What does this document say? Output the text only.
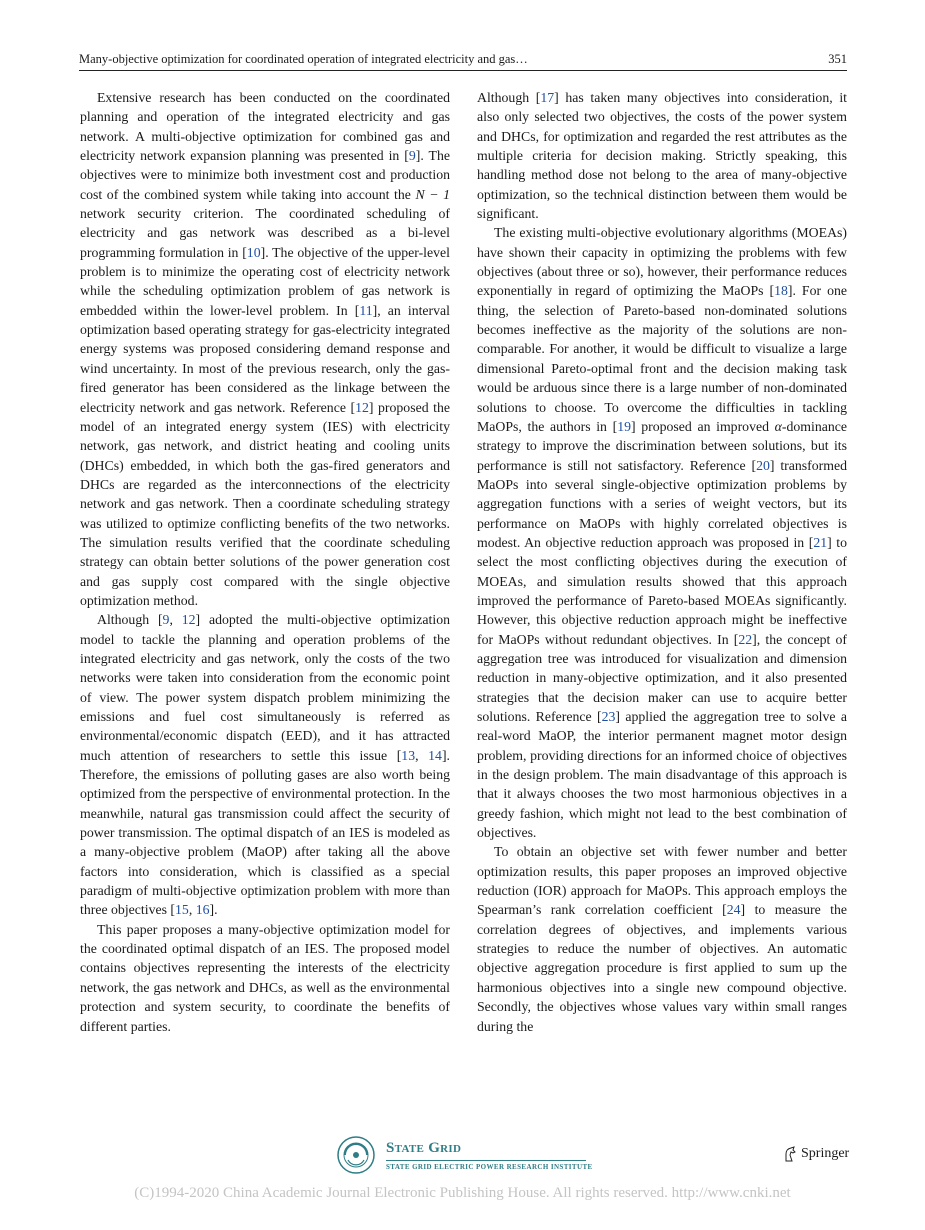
Many-objective optimization for coordinated operation of integrated electricity and gas…	351

Extensive research has been conducted on the coordinated planning and operation of the integrated electricity and gas network. A multi-objective optimization for combined gas and electricity network expansion planning was presented in [9]. The objectives were to minimize both investment cost and production cost of the combined system while taking into account the N − 1 network security criterion. The coordinated scheduling of electricity and gas network was described as a bi-level programming formulation in [10]. The objective of the upper-level problem is to minimize the operating cost of electricity network while the scheduling optimization problem of gas network is embedded within the lower-level problem. In [11], an interval optimization based operating strategy for gas-electricity integrated energy systems was proposed considering demand response and wind uncertainty. In most of the previous research, only the gas-fired generator has been considered as the linkage between the electricity network and gas network. Reference [12] proposed the model of an integrated energy system (IES) with electricity network, gas network, and district heating and cooling units (DHCs) embedded, in which both the gas-fired generators and DHCs are regarded as the interconnections of the electricity network and gas network. Then a coordinate scheduling strategy was utilized to optimize conflicting benefits of the two networks. The simulation results verified that the coordinate scheduling strategy can obtain better solutions of the power generation cost and gas supply cost compared with the single objective optimization method.

Although [9, 12] adopted the multi-objective optimization model to tackle the planning and operation problems of the integrated electricity and gas network, only the costs of the two networks were taken into consideration from the economic point of view. The power system dispatch problem minimizing the emissions and fuel cost simultaneously is referred as environmental/economic dispatch (EED), and it has attracted much attention of researchers to settle this issue [13, 14]. Therefore, the emissions of polluting gases are also worth being optimized from the perspective of environmental protection. In the meanwhile, natural gas transmission could affect the security of power transmission. The optimal dispatch of an IES is modeled as a many-objective problem (MaOP) after taking all the above factors into consideration, which is classified as a special paradigm of multi-objective optimization problem with more than three objectives [15, 16].

This paper proposes a many-objective optimization model for the coordinated optimal dispatch of an IES. The proposed model contains objectives representing the interests of the electricity network, the gas network and DHCs, as well as the environmental protection and system security, to coordinate the benefits of different parties.

Although [17] has taken many objectives into consideration, it also only selected two objectives, the costs of the power system and DHCs, for optimization and regarded the rest attributes as the multiple criteria for decision making. Strictly speaking, this handling method dose not belong to the area of many-objective optimization, so the technical distinction between them would be significant.

The existing multi-objective evolutionary algorithms (MOEAs) have shown their capacity in optimizing the problems with few objectives (about three or so), however, their performance reduces exponentially in regard of optimizing the MaOPs [18]. For one thing, the selection of Pareto-based non-dominated solutions becomes ineffective as the majority of the solutions are non-comparable. For another, it would be difficult to visualize a large dimensional Pareto-optimal front and the decision making task would be arduous since there is a large number of non-dominated solutions to choose. To overcome the difficulties in tackling MaOPs, the authors in [19] proposed an improved α-dominance strategy to improve the discrimination between solutions, but its performance is still not satisfactory. Reference [20] transformed MaOPs into several single-objective optimization problems by aggregation functions with a series of weight vectors, but its performance on MaOPs with highly correlated objectives is modest. An objective reduction approach was proposed in [21] to select the most conflicting objectives during the execution of MOEAs, and simulation results showed that this approach improved the performance of Pareto-based MOEAs significantly. However, this objective reduction approach might be ineffective for MaOPs without redundant objectives. In [22], the concept of aggregation tree was introduced for visualization and dimension reduction in many-objective optimization, and it also presented strategies that the decision maker can use to acquire better solutions. Reference [23] applied the aggregation tree to solve a real-word MaOP, the interior permanent magnet motor design problem, providing directions for an informed choice of objectives in the design problem. The main disadvantage of this approach is that it always chooses the two most harmonious objectives in a greedy fashion, which might not lead to the best combination of objectives.

To obtain an objective set with fewer number and better optimization results, this paper proposes an improved objective reduction (IOR) approach for MaOPs. This approach employs the Spearman’s rank correlation coefficient [24] to measure the correlation degrees of objectives, and implements various strategies to reduce the number of objectives. An automatic objective aggregation procedure is first applied to sum up the harmonious objectives into a single new compound objective. Secondly, the objectives whose values vary within small ranges during the

State Grid
STATE GRID ELECTRIC POWER RESEARCH INSTITUTE
Springer
(C)1994-2020 China Academic Journal Electronic Publishing House. All rights reserved. http://www.cnki.net
